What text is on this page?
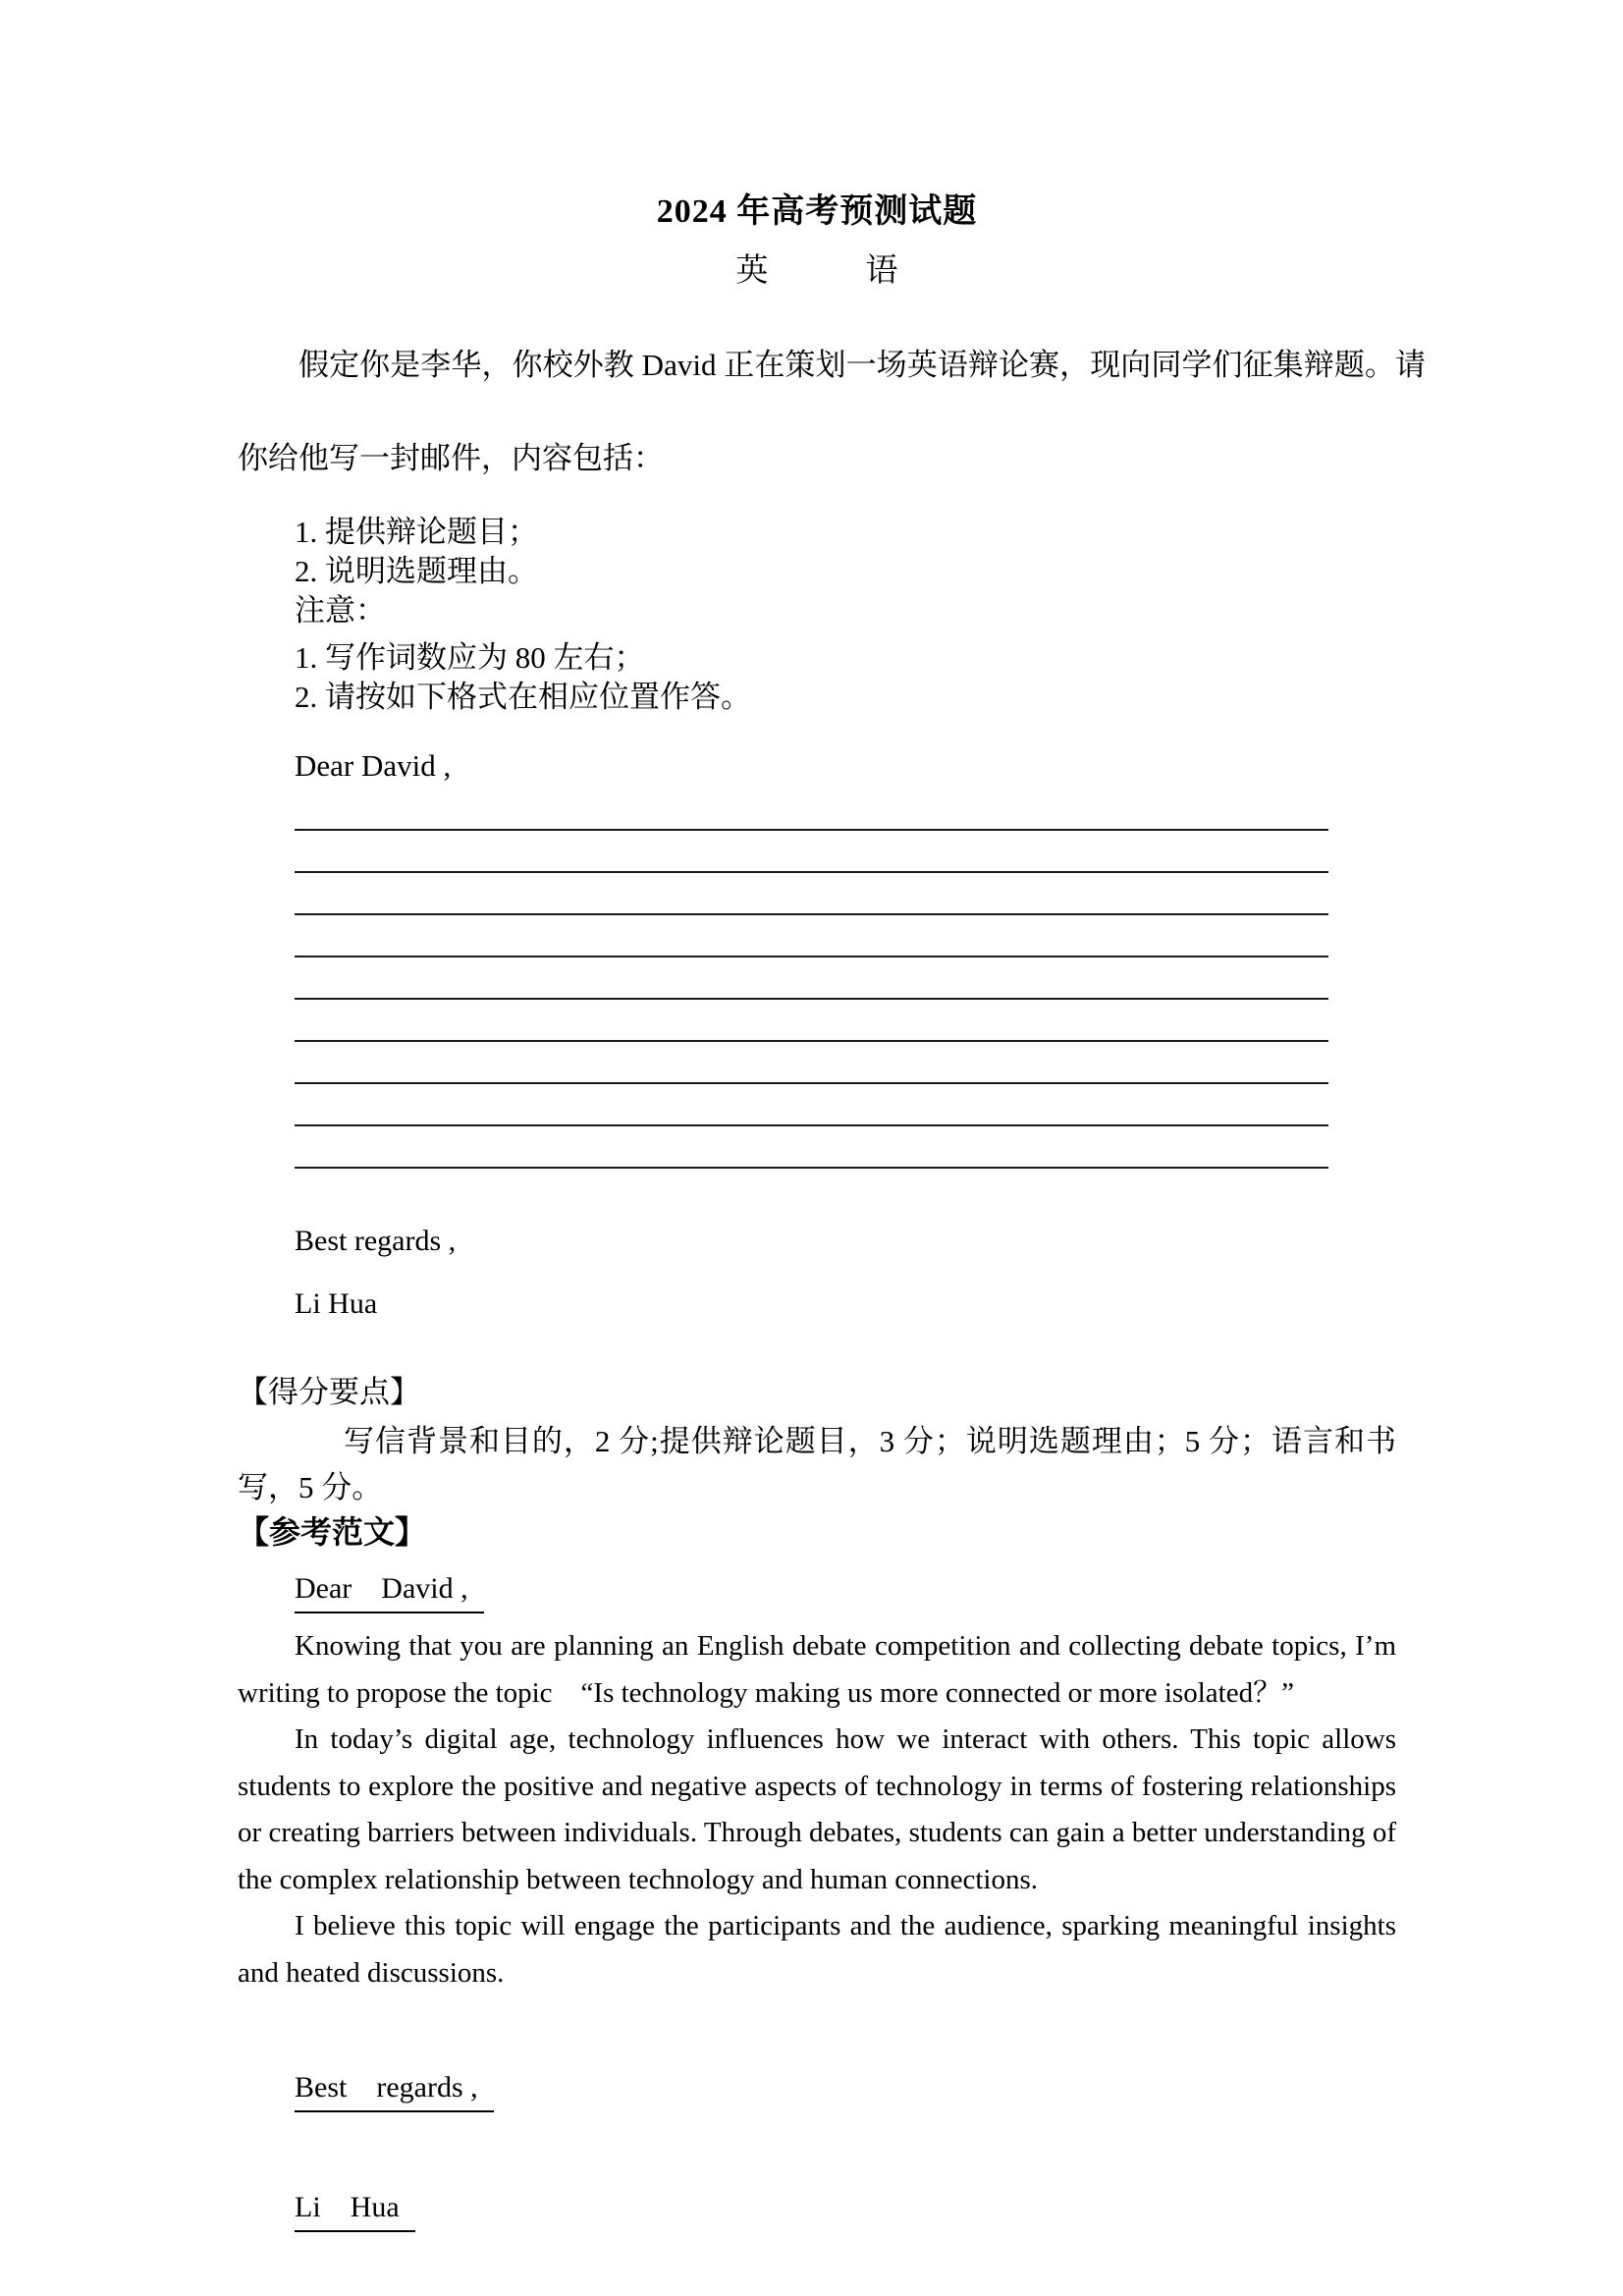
2024 年高考预测试题
英　　　语

假定你是李华，你校外教 David 正在策划一场英语辩论赛，现向同学们征集辩题。请你给他写一封邮件，内容包括：

1. 提供辩论题目；
2. 说明选题理由。
注意：
1. 写作词数应为 80 左右；
2. 请按如下格式在相应位置作答。
Dear David ,
Best regards ,
Li Hua
【得分要点】

写信背景和目的，2 分;提供辩论题目，3 分；说明选题理由；5 分；语言和书写，5 分。

【参考范文】
Dear　David ,

Knowing that you are planning an English debate competition and collecting debate topics, I’m writing to propose the topic　“Is technology making us more connected or more isolated？”

In today’s digital age, technology influences how we interact with others. This topic allows students to explore the positive and negative aspects of technology in terms of fostering relationships or creating barriers between individuals. Through debates, students can gain a better understanding of the complex relationship between technology and human connections.

I believe this topic will engage the participants and the audience, sparking meaningful insights and heated discussions.

Best　regards ,
Li　Hua
